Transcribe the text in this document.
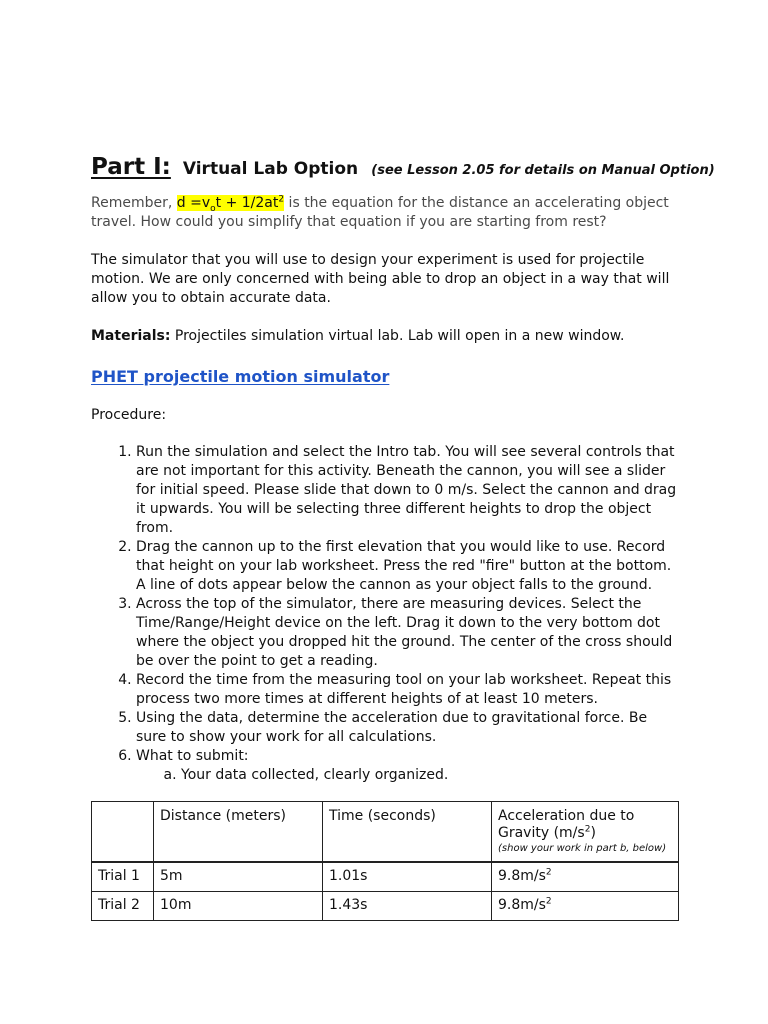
Part I: Virtual Lab Option (see Lesson 2.05 for details on Manual Option)

Remember, $d =v_ot + 1/2at^2$ is the equation for the distance an accelerating object travel. How could you simplify that equation if you are starting from rest?

The simulator that you will use to design your experiment is used for projectile motion. We are only concerned with being able to drop an object in a way that will allow you to obtain accurate data.

Materials: Projectiles simulation virtual lab. Lab will open in a new window.

PHET projectile motion simulator

Procedure:

1. Run the simulation and select the Intro tab. You will see several controls that are not important for this activity. Beneath the cannon, you will see a slider for initial speed. Please slide that down to 0 m/s. Select the cannon and drag it upwards. You will be selecting three different heights to drop the object from.
2. Drag the cannon up to the first elevation that you would like to use. Record that height on your lab worksheet. Press the red "fire" button at the bottom. A line of dots appear below the cannon as your object falls to the ground.
3. Across the top of the simulator, there are measuring devices. Select the Time/Range/Height device on the left. Drag it down to the very bottom dot where the object you dropped hit the ground. The center of the cross should be over the point to get a reading.
4. Record the time from the measuring tool on your lab worksheet. Repeat this process two more times at different heights of at least 10 meters.
5. Using the data, determine the acceleration due to gravitational force. Be sure to show your work for all calculations.
6. What to submit:
a. Your data collected, clearly organized.
	Distance (meters)	Time (seconds)	Acceleration due to Gravity $(m/s^2)$
(show your work in part b, below)

Trial 1	5m	1.01s	$9.8m/s^2$
Trial 2	10m	1.43s	$9.8m/s^2$
